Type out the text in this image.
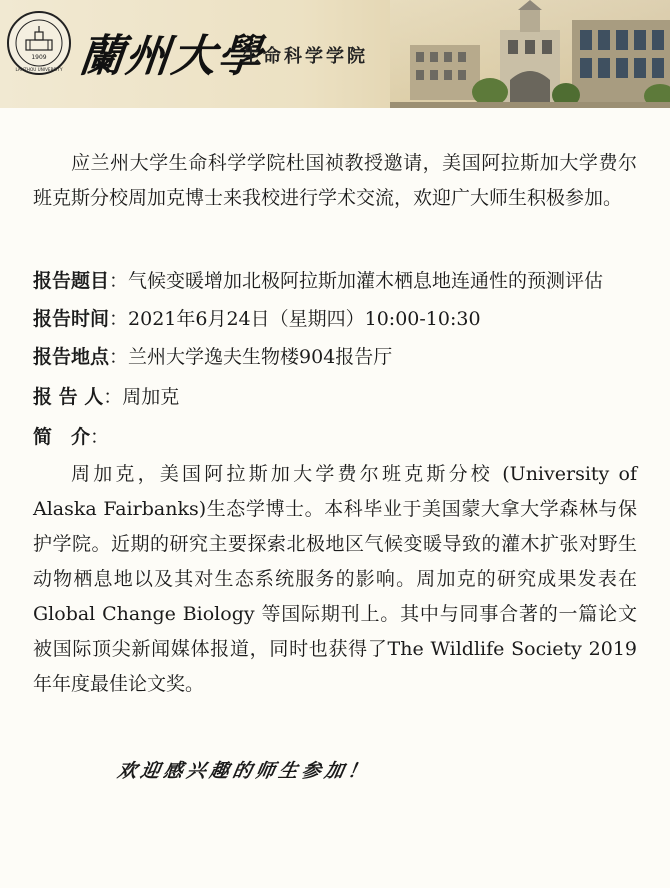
1909
LANZHOU UNIVERSITY 蘭州大學
生命科学学院
应兰州大学生命科学学院杜国祯教授邀请，美国阿拉斯加大学费尔班克斯分校周加克博士来我校进行学术交流，欢迎广大师生积极参加。
报告题目：气候变暖增加北极阿拉斯加灌木栖息地连通性的预测评估
报告时间：2021年6月24日（星期四）10:00-10:30
报告地点：兰州大学逸夫生物楼904报告厅
报 告 人：周加克
简　介：
周加克，美国阿拉斯加大学费尔班克斯分校 (University of Alaska Fairbanks)生态学博士。本科毕业于美国蒙大拿大学森林与保护学院。近期的研究主要探索北极地区气候变暖导致的灌木扩张对野生动物栖息地以及其对生态系统服务的影响。周加克的研究成果发表在Global Change Biology 等国际期刊上。其中与同事合著的一篇论文被国际顶尖新闻媒体报道，同时也获得了The Wildlife Society 2019年年度最佳论文奖。
欢迎感兴趣的师生参加！
